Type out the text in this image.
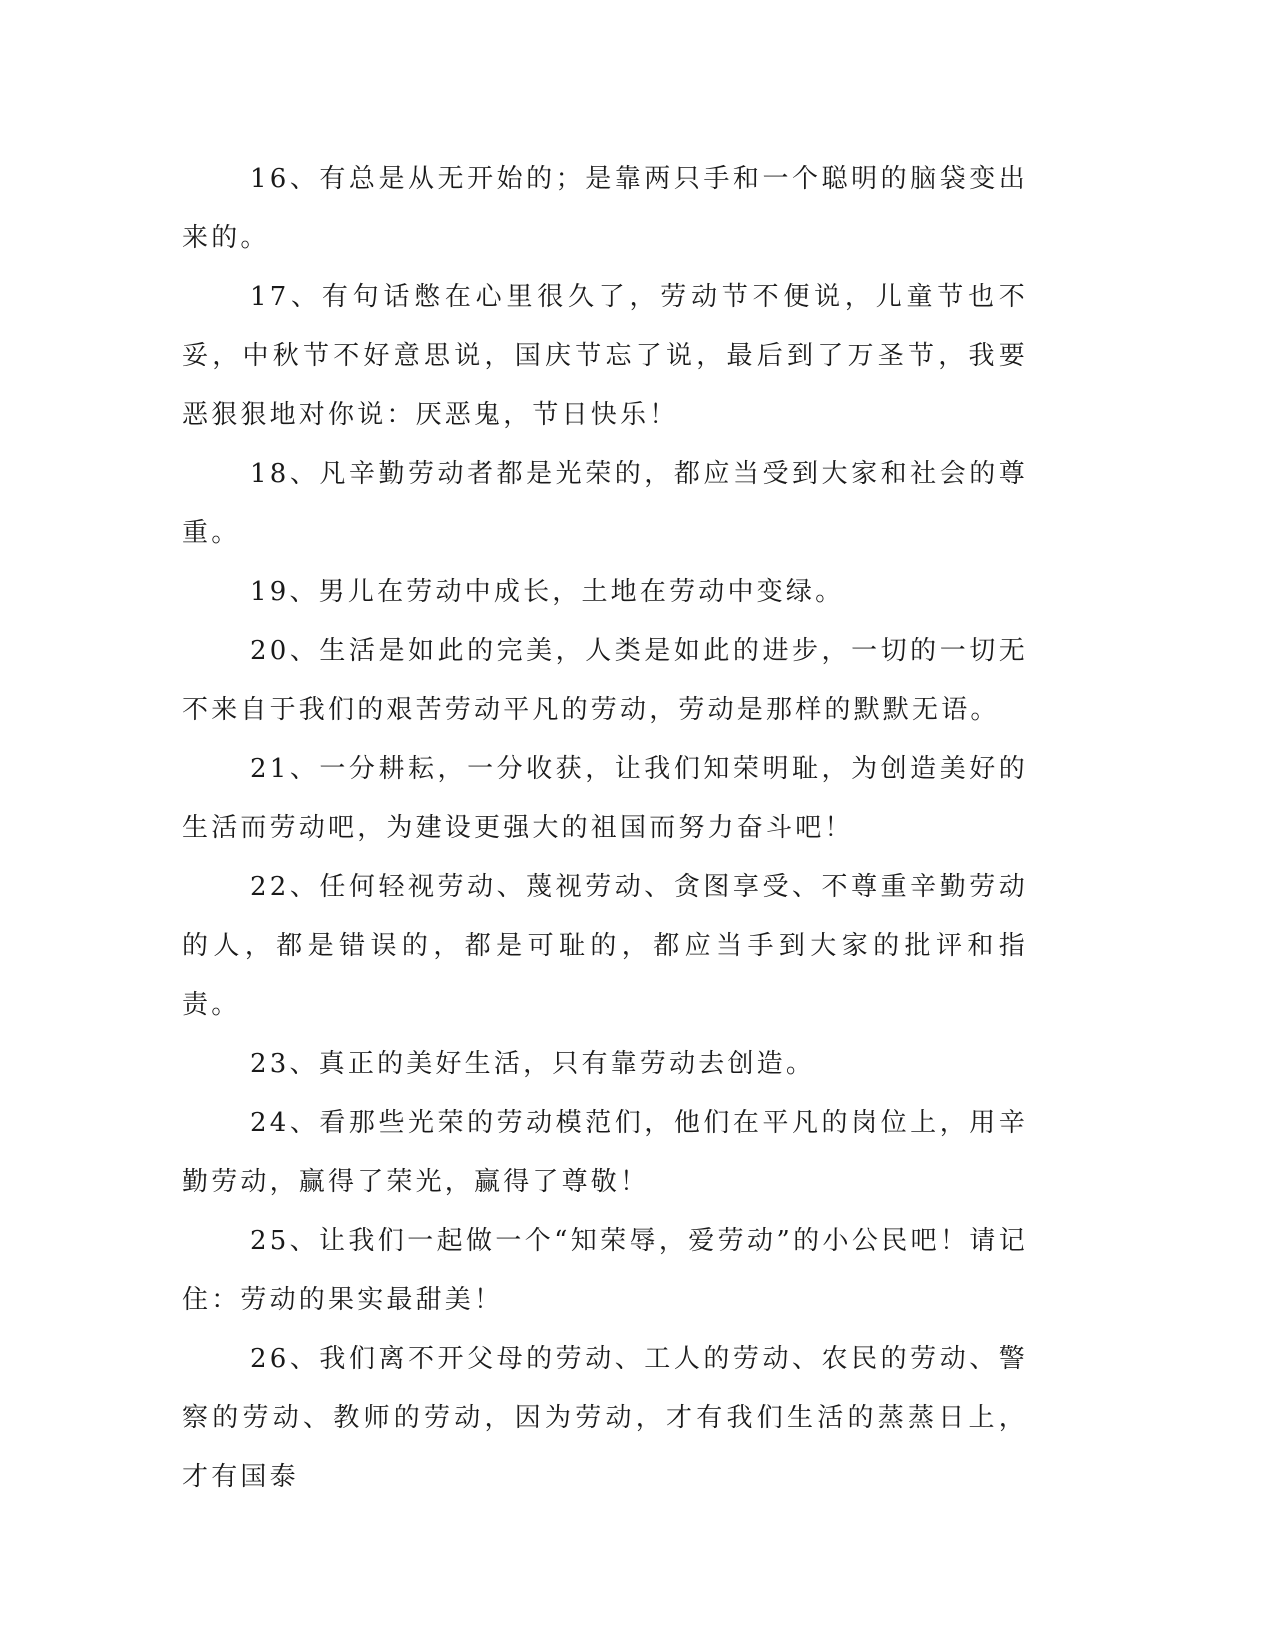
16、有总是从无开始的；是靠两只手和一个聪明的脑袋变出来的。

17、有句话憋在心里很久了，劳动节不便说，儿童节也不妥，中秋节不好意思说，国庆节忘了说，最后到了万圣节，我要恶狠狠地对你说：厌恶鬼，节日快乐！

18、凡辛勤劳动者都是光荣的，都应当受到大家和社会的尊重。

19、男儿在劳动中成长，土地在劳动中变绿。

20、生活是如此的完美，人类是如此的进步，一切的一切无不来自于我们的艰苦劳动平凡的劳动，劳动是那样的默默无语。

21、一分耕耘，一分收获，让我们知荣明耻，为创造美好的生活而劳动吧，为建设更强大的祖国而努力奋斗吧！

22、任何轻视劳动、蔑视劳动、贪图享受、不尊重辛勤劳动的人，都是错误的，都是可耻的，都应当手到大家的批评和指责。

23、真正的美好生活，只有靠劳动去创造。

24、看那些光荣的劳动模范们，他们在平凡的岗位上，用辛勤劳动，赢得了荣光，赢得了尊敬！

25、让我们一起做一个“知荣辱，爱劳动”的小公民吧！请记住：劳动的果实最甜美！

26、我们离不开父母的劳动、工人的劳动、农民的劳动、警察的劳动、教师的劳动，因为劳动，才有我们生活的蒸蒸日上，才有国泰
